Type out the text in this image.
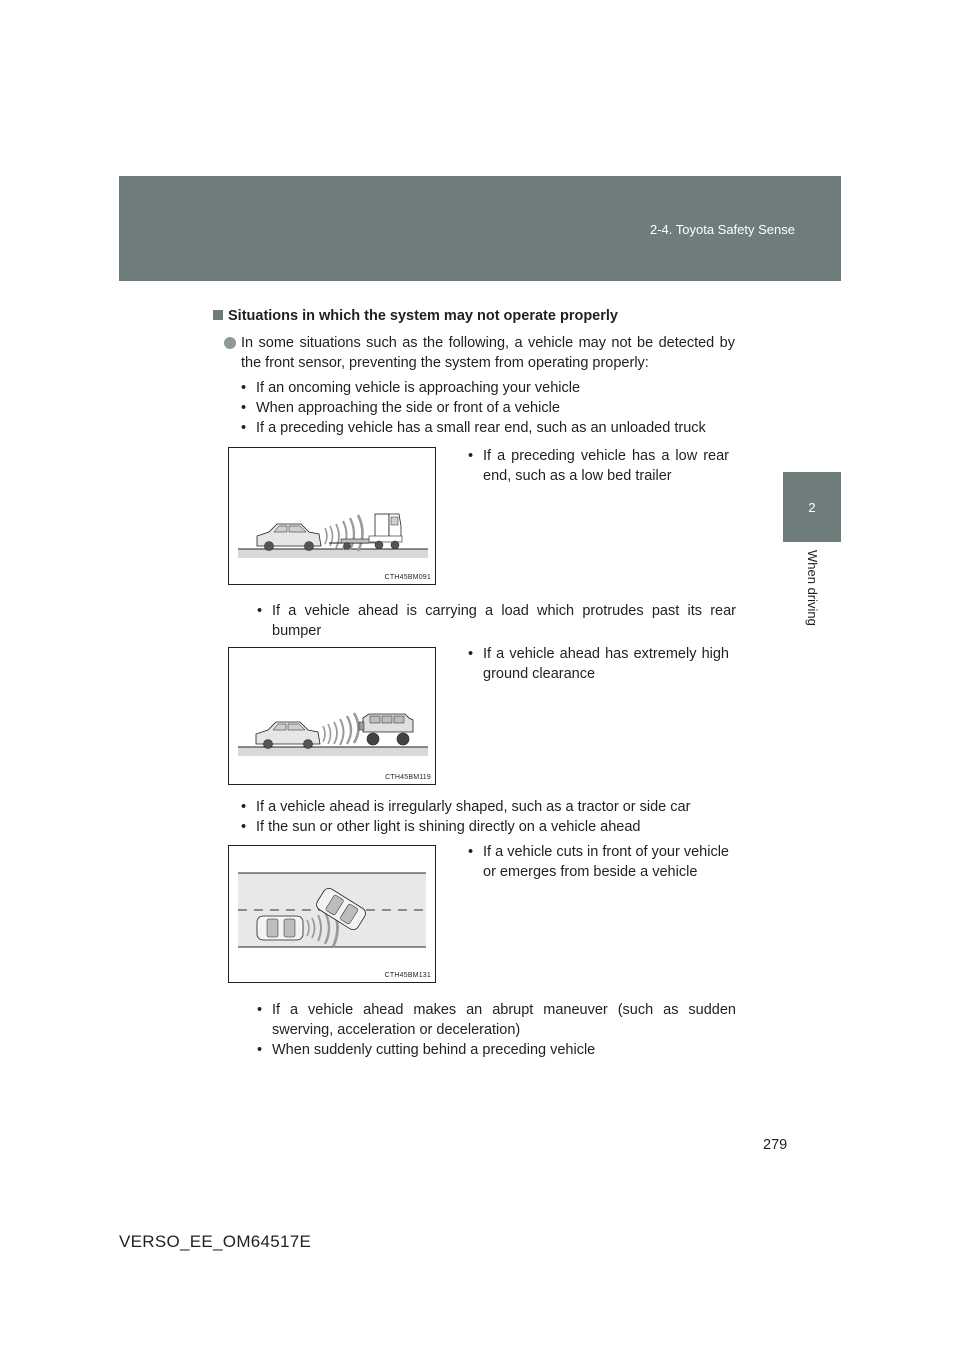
2-4. Toyota Safety Sense
2
When driving
Situations in which the system may not operate properly
In some situations such as the following, a vehicle may not be detected by the front sensor, preventing the system from operating properly:
• If an oncoming vehicle is approaching your vehicle
• When approaching the side or front of a vehicle
• If a preceding vehicle has a small rear end, such as an unloaded truck
CTH45BM091
• If a preceding vehicle has a low rear end, such as a low bed trailer
• If a vehicle ahead is carrying a load which protrudes past its rear bumper
CTH45BM119
• If a vehicle ahead has extremely high ground clearance
• If a vehicle ahead is irregularly shaped, such as a tractor or side car
• If the sun or other light is shining directly on a vehicle ahead
CTH45BM131
• If a vehicle cuts in front of your vehicle or emerges from beside a vehicle
• If a vehicle ahead makes an abrupt maneuver (such as sudden swerving, acceleration or deceleration)
• When suddenly cutting behind a preceding vehicle
279
VERSO_EE_OM64517E
